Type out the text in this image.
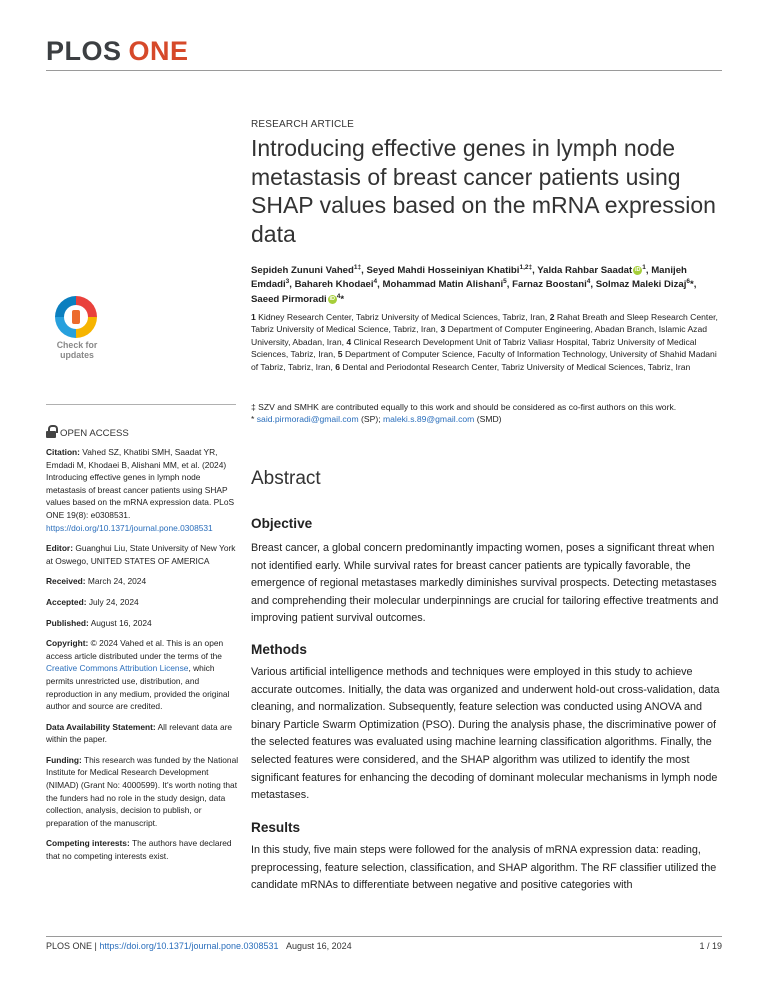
PLOS ONE
RESEARCH ARTICLE
Introducing effective genes in lymph node metastasis of breast cancer patients using SHAP values based on the mRNA expression data
Sepideh Zununi Vahed$^{1\ddagger}$, Seyed Mahdi Hosseiniyan Khatibi$^{1,2\ddagger}$, Yalda Rahbar Saadat iD $^1$, Manijeh Emdadi$^3$, Bahareh Khodaei$^4$, Mohammad Matin Alishani$^5$, Farnaz Boostani$^4$, Solmaz Maleki Dizaj$^6$*, Saeed Pirmoradi iD $^4$*
1 Kidney Research Center, Tabriz University of Medical Sciences, Tabriz, Iran, 2 Rahat Breath and Sleep Research Center, Tabriz University of Medical Science, Tabriz, Iran, 3 Department of Computer Engineering, Abadan Branch, Islamic Azad University, Abadan, Iran, 4 Clinical Research Development Unit of Tabriz Valiasr Hospital, Tabriz University of Medical Sciences, Tabriz, Iran, 5 Department of Computer Science, Faculty of Information Technology, University of Shahid Madani of Tabriz, Tabriz, Iran, 6 Dental and Periodontal Research Center, Tabriz University of Medical Sciences, Tabriz, Iran
‡ SZV and SMHK are contributed equally to this work and should be considered as co-first authors on this work.
* said.pirmoradi@gmail.com (SP); maleki.s.89@gmail.com (SMD)
Check for
updates
OPEN ACCESS

Citation: Vahed SZ, Khatibi SMH, Saadat YR, Emdadi M, Khodaei B, Alishani MM, et al. (2024) Introducing effective genes in lymph node metastasis of breast cancer patients using SHAP values based on the mRNA expression data. PLoS ONE 19(8): e0308531. https://doi.org/10.1371/journal.pone.0308531

Editor: Guanghui Liu, State University of New York at Oswego, UNITED STATES OF AMERICA

Received: March 24, 2024

Accepted: July 24, 2024

Published: August 16, 2024

Copyright: © 2024 Vahed et al. This is an open access article distributed under the terms of the Creative Commons Attribution License, which permits unrestricted use, distribution, and reproduction in any medium, provided the original author and source are credited.

Data Availability Statement: All relevant data are within the paper.

Funding: This research was funded by the National Institute for Medical Research Development (NIMAD) (Grant No: 4000599). It's worth noting that the funders had no role in the study design, data collection, analysis, decision to publish, or preparation of the manuscript.

Competing interests: The authors have declared that no competing interests exist.

Abstract
Objective
Breast cancer, a global concern predominantly impacting women, poses a significant threat when not identified early. While survival rates for breast cancer patients are typically favorable, the emergence of regional metastases markedly diminishes survival prospects. Detecting metastases and comprehending their molecular underpinnings are crucial for tailoring effective treatments and improving patient survival outcomes.
Methods
Various artificial intelligence methods and techniques were employed in this study to achieve accurate outcomes. Initially, the data was organized and underwent hold-out cross-validation, data cleaning, and normalization. Subsequently, feature selection was conducted using ANOVA and binary Particle Swarm Optimization (PSO). During the analysis phase, the discriminative power of the selected features was evaluated using machine learning classification algorithms. Finally, the selected features were considered, and the SHAP algorithm was utilized to identify the most significant features for enhancing the decoding of dominant molecular mechanisms in lymph node metastases.
Results
In this study, five main steps were followed for the analysis of mRNA expression data: reading, preprocessing, feature selection, classification, and SHAP algorithm. The RF classifier utilized the candidate mRNAs to differentiate between negative and positive categories with
PLOS ONE | https://doi.org/10.1371/journal.pone.0308531 August 16, 2024	1 / 19
